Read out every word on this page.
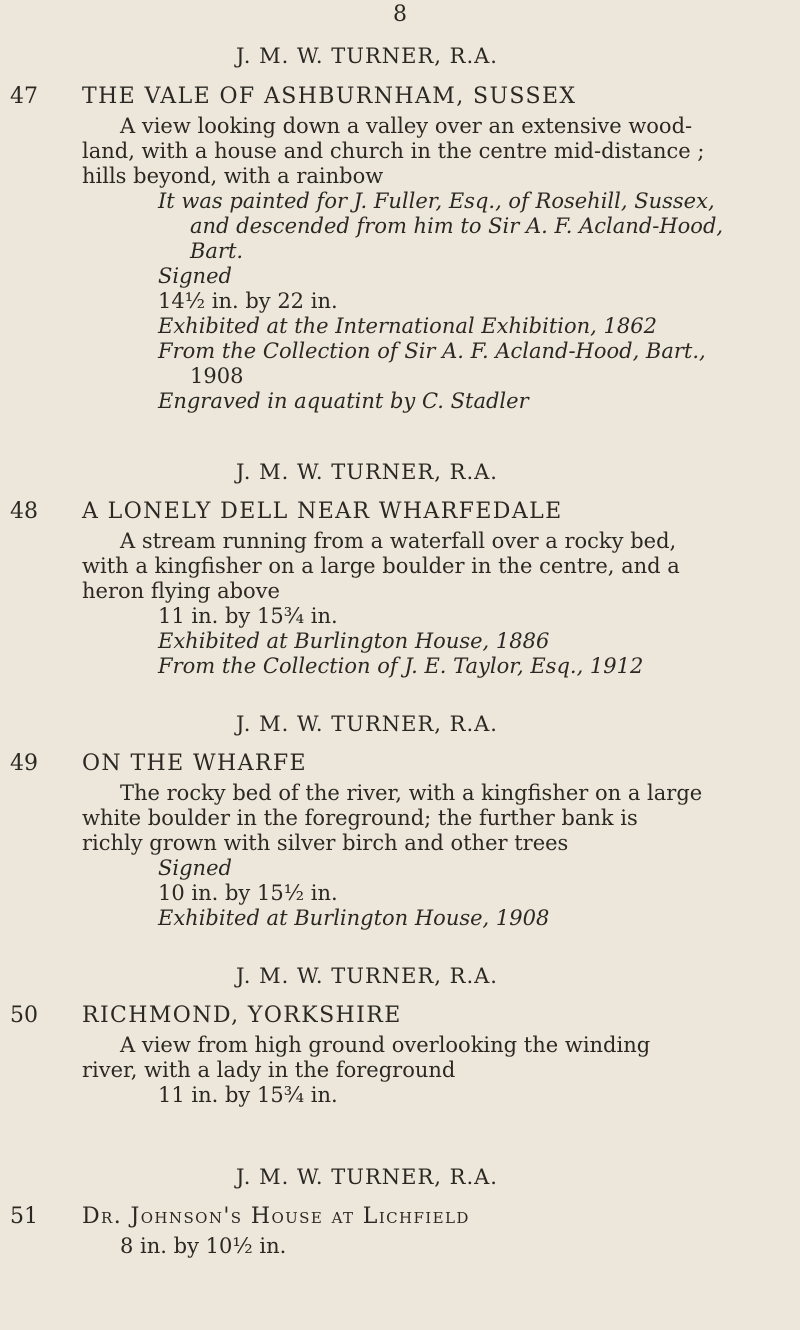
8
J. M. W. TURNER, R.A.
47 THE VALE OF ASHBURNHAM, SUSSEX
A view looking down a valley over an extensive wood-
land, with a house and church in the centre mid-distance ;
hills beyond, with a rainbow
It was painted for J. Fuller, Esq., of Rosehill, Sussex,
and descended from him to Sir A. F. Acland-Hood,
Bart.
Signed
14½ in. by 22 in.
Exhibited at the International Exhibition, 1862
From the Collection of Sir A. F. Acland-Hood, Bart.,
1908
Engraved in aquatint by C. Stadler
J. M. W. TURNER, R.A.
48 A LONELY DELL NEAR WHARFEDALE
A stream running from a waterfall over a rocky bed,
with a kingfisher on a large boulder in the centre, and a
heron flying above
11 in. by 15¾ in.
Exhibited at Burlington House, 1886
From the Collection of J. E. Taylor, Esq., 1912
J. M. W. TURNER, R.A.
49 ON THE WHARFE
The rocky bed of the river, with a kingfisher on a large
white boulder in the foreground; the further bank is
richly grown with silver birch and other trees
Signed
10 in. by 15½ in.
Exhibited at Burlington House, 1908
J. M. W. TURNER, R.A.
50 RICHMOND, YORKSHIRE
A view from high ground overlooking the winding
river, with a lady in the foreground
11 in. by 15¾ in.
J. M. W. TURNER, R.A.
51 Dr. Johnson's House at Lichfield
8 in. by 10½ in.
